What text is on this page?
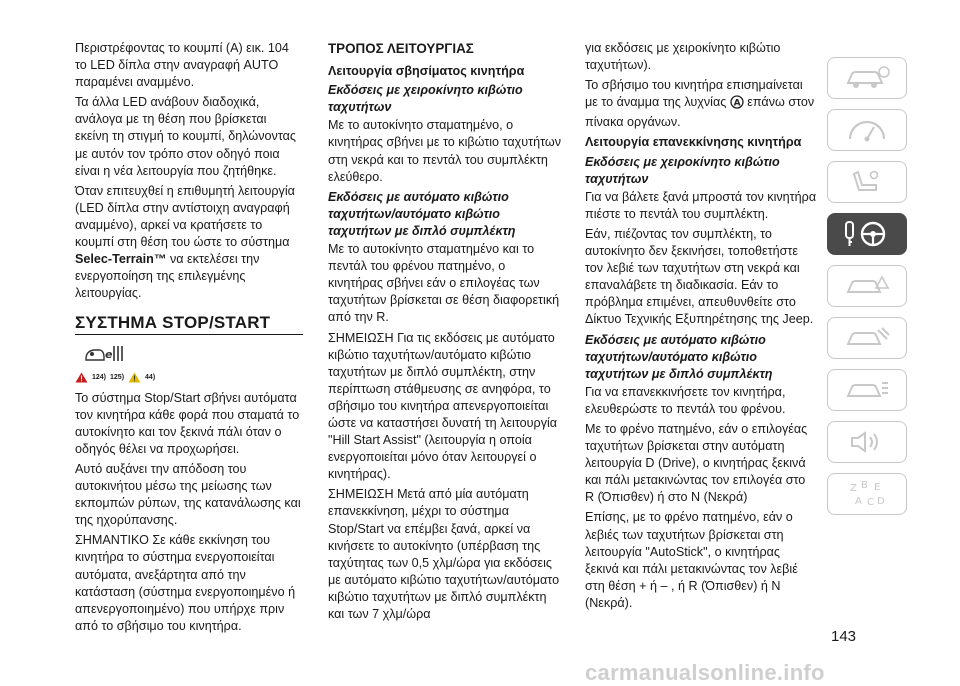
Περιστρέφοντας το κουμπί (A) εικ. 104 το LED δίπλα στην αναγραφή AUTO παραμένει αναμμένο.

Τα άλλα LED ανάβουν διαδοχικά, ανάλογα με τη θέση που βρίσκεται εκείνη τη στιγμή το κουμπί, δηλώνοντας με αυτόν τον τρόπο στον οδηγό ποια είναι η νέα λειτουργία που ζητήθηκε.

Όταν επιτευχθεί η επιθυμητή λειτουργία (LED δίπλα στην αντίστοιχη αναγραφή αναμμένο), αρκεί να κρατήσετε το κουμπί στη θέση του ώστε το σύστημα Selec-Terrain™ να εκτελέσει την ενεργοποίηση της επιλεγμένης λειτουργίας.

ΣΥΣΤΗΜΑ STOP/START
e
124) 125)	44)

Το σύστημα Stop/Start σβήνει αυτόματα τον κινητήρα κάθε φορά που σταματά το αυτοκίνητο και τον ξεκινά πάλι όταν ο οδηγός θέλει να προχωρήσει.

Αυτό αυξάνει την απόδοση του αυτοκινήτου μέσω της μείωσης των εκπομπών ρύπων, της κατανάλωσης και της ηχορύπανσης.

ΣΗΜΑΝΤΙΚΟ Σε κάθε εκκίνηση του κινητήρα το σύστημα ενεργοποιείται αυτόματα, ανεξάρτητα από την κατάσταση (σύστημα ενεργοποιημένο ή απενεργοποιημένο) που υπήρχε πριν από το σβήσιμο του κινητήρα.

ΤΡΟΠΟΣ ΛΕΙΤΟΥΡΓΙΑΣ
Λειτουργία σβησίματος κινητήρα
Εκδόσεις με χειροκίνητο κιβώτιο ταχυτήτων

Με το αυτοκίνητο σταματημένο, ο κινητήρας σβήνει με το κιβώτιο ταχυτήτων στη νεκρά και το πεντάλ του συμπλέκτη ελεύθερο.

Εκδόσεις με αυτόματο κιβώτιο ταχυτήτων/αυτόματο κιβώτιο ταχυτήτων με διπλό συμπλέκτη

Με το αυτοκίνητο σταματημένο και το πεντάλ του φρένου πατημένο, ο κινητήρας σβήνει εάν ο επιλογέας των ταχυτήτων βρίσκεται σε θέση διαφορετική από την R.

ΣΗΜΕΙΩΣΗ Για τις εκδόσεις με αυτόματο κιβώτιο ταχυτήτων/αυτόματο κιβώτιο ταχυτήτων με διπλό συμπλέκτη, στην περίπτωση στάθμευσης σε ανηφόρα, το σβήσιμο του κινητήρα απενεργοποιείται ώστε να καταστήσει δυνατή τη λειτουργία "Hill Start Assist" (λειτουργία η οποία ενεργοποιείται μόνο όταν λειτουργεί ο κινητήρας).

ΣΗΜΕΙΩΣΗ Μετά από μία αυτόματη επανεκκίνηση, μέχρι το σύστημα Stop/Start να επέμβει ξανά, αρκεί να κινήσετε το αυτοκίνητο (υπέρβαση της ταχύτητας των 0,5 χλμ/ώρα για εκδόσεις με αυτόματο κιβώτιο ταχυτήτων/αυτόματο κιβώτιο ταχυτήτων με διπλό συμπλέκτη και των 7 χλμ/ώρα

για εκδόσεις με χειροκίνητο κιβώτιο ταχυτήτων).

Το σβήσιμο του κινητήρα επισημαίνεται με το άναμμα της λυχνίας A επάνω στον πίνακα οργάνων.

Λειτουργία επανεκκίνησης κινητήρα
Εκδόσεις με χειροκίνητο κιβώτιο ταχυτήτων

Για να βάλετε ξανά μπροστά τον κινητήρα πιέστε το πεντάλ του συμπλέκτη.

Εάν, πιέζοντας τον συμπλέκτη, το αυτοκίνητο δεν ξεκινήσει, τοποθετήστε τον λεβιέ των ταχυτήτων στη νεκρά και επαναλάβετε τη διαδικασία. Εάν το πρόβλημα επιμένει, απευθυνθείτε στο Δίκτυο Τεχνικής Εξυπηρέτησης της Jeep.

Εκδόσεις με αυτόματο κιβώτιο ταχυτήτων/αυτόματο κιβώτιο ταχυτήτων με διπλό συμπλέκτη

Για να επανεκκινήσετε τον κινητήρα, ελευθερώστε το πεντάλ του φρένου.

Με το φρένο πατημένο, εάν ο επιλογέας ταχυτήτων βρίσκεται στην αυτόματη λειτουργία D (Drive), ο κινητήρας ξεκινά και πάλι μετακινώντας τον επιλογέα στο R (Όπισθεν) ή στο N (Νεκρά)

Επίσης, με το φρένο πατημένο, εάν ο λεβιές των ταχυτήτων βρίσκεται στη λειτουργία "AutoStick", ο κινητήρας ξεκινά και πάλι μετακινώντας τον λεβιέ στη θέση + ή – , ή R (Όπισθεν) ή N (Νεκρά).

Z B E
A C D
143
carmanualsonline.info
